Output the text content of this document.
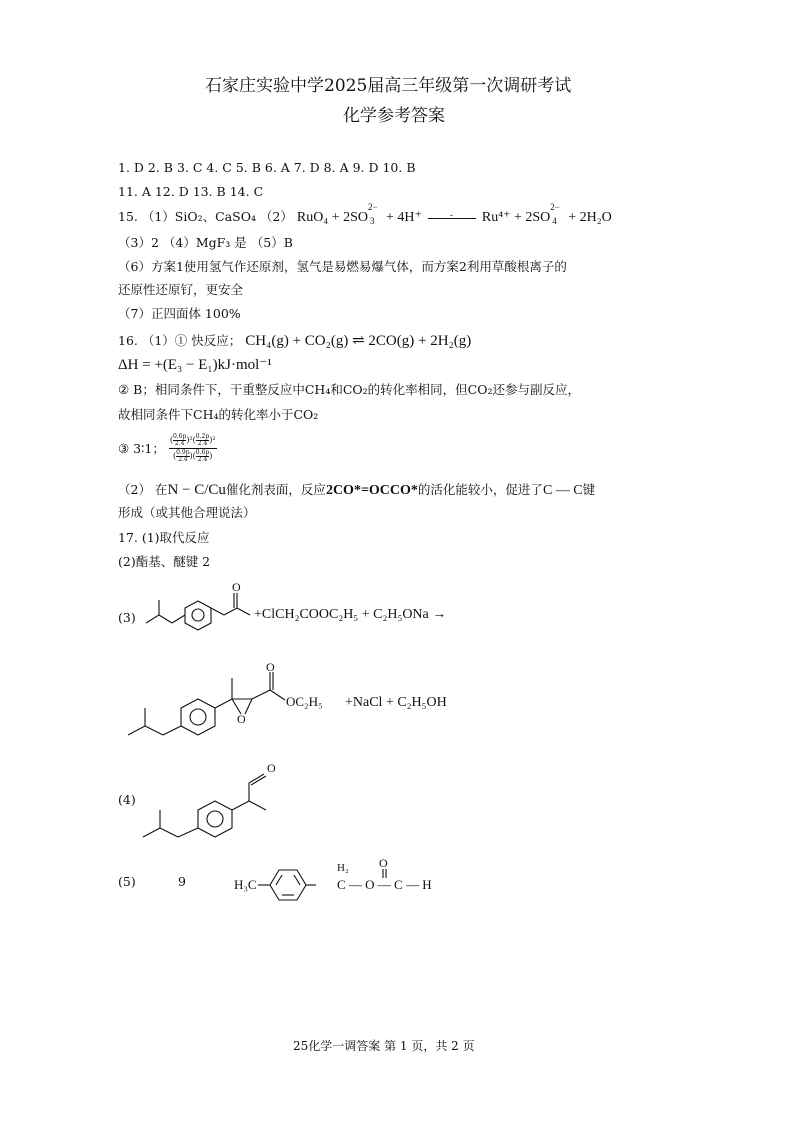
石家庄实验中学2025届高三年级第一次调研考试
化学参考答案
1. D 2. B 3. C 4. C 5. B 6. A 7. D 8. A 9. D 10. B
11. A 12. D 13. B 14. C
15. （1）SiO₂、CaSO₄ （2） RuO₄ + 2SO
2−
3 + 4H⁺	- Ru⁴⁺ + 2SO
2−
4 + 2H₂O
（3）2 （4）MgF₃ 是 （5）B
（6）方案1使用氢气作还原剂，氢气是易燃易爆气体，而方案2利用草酸根离子的
还原性还原钌，更安全
（7）正四面体 100%
16. （1）① 快反应； CH₄(g) + CO₂(g) ⇌ 2CO(g) + 2H₂(g)
ΔH = +(E₃ − E₁)kJ·mol⁻¹
② B；相同条件下，干重整反应中CH₄和CO₂的转化率相同，但CO₂还参与副反应，
故相同条件下CH₄的转化率小于CO₂
③ 3∶1； $\frac{( \frac{0.6p}{2.4} )^2( \frac{0.2p}{2.4} )^2}{( \frac{0.9p}{2.4} )( \frac{0.6p}{2.4} )}$
（2） 在N − C/Cu催化剂表面，反应2CO*=OCCO*的活化能较小，促进了C — C键
形成（或其他合理说法）
17. (1)取代反应
(2)酯基、醚键 2
(3)
O
+ClCH₂COOC₂H₅ + C₂H₅ONa →
O
O
OC₂H₅ +NaCl + C₂H₅OH
(4)
O
(5)	9	H₃C
H₂
C — O — C — H
O
25化学一调答案 第 1 页，共 2 页
